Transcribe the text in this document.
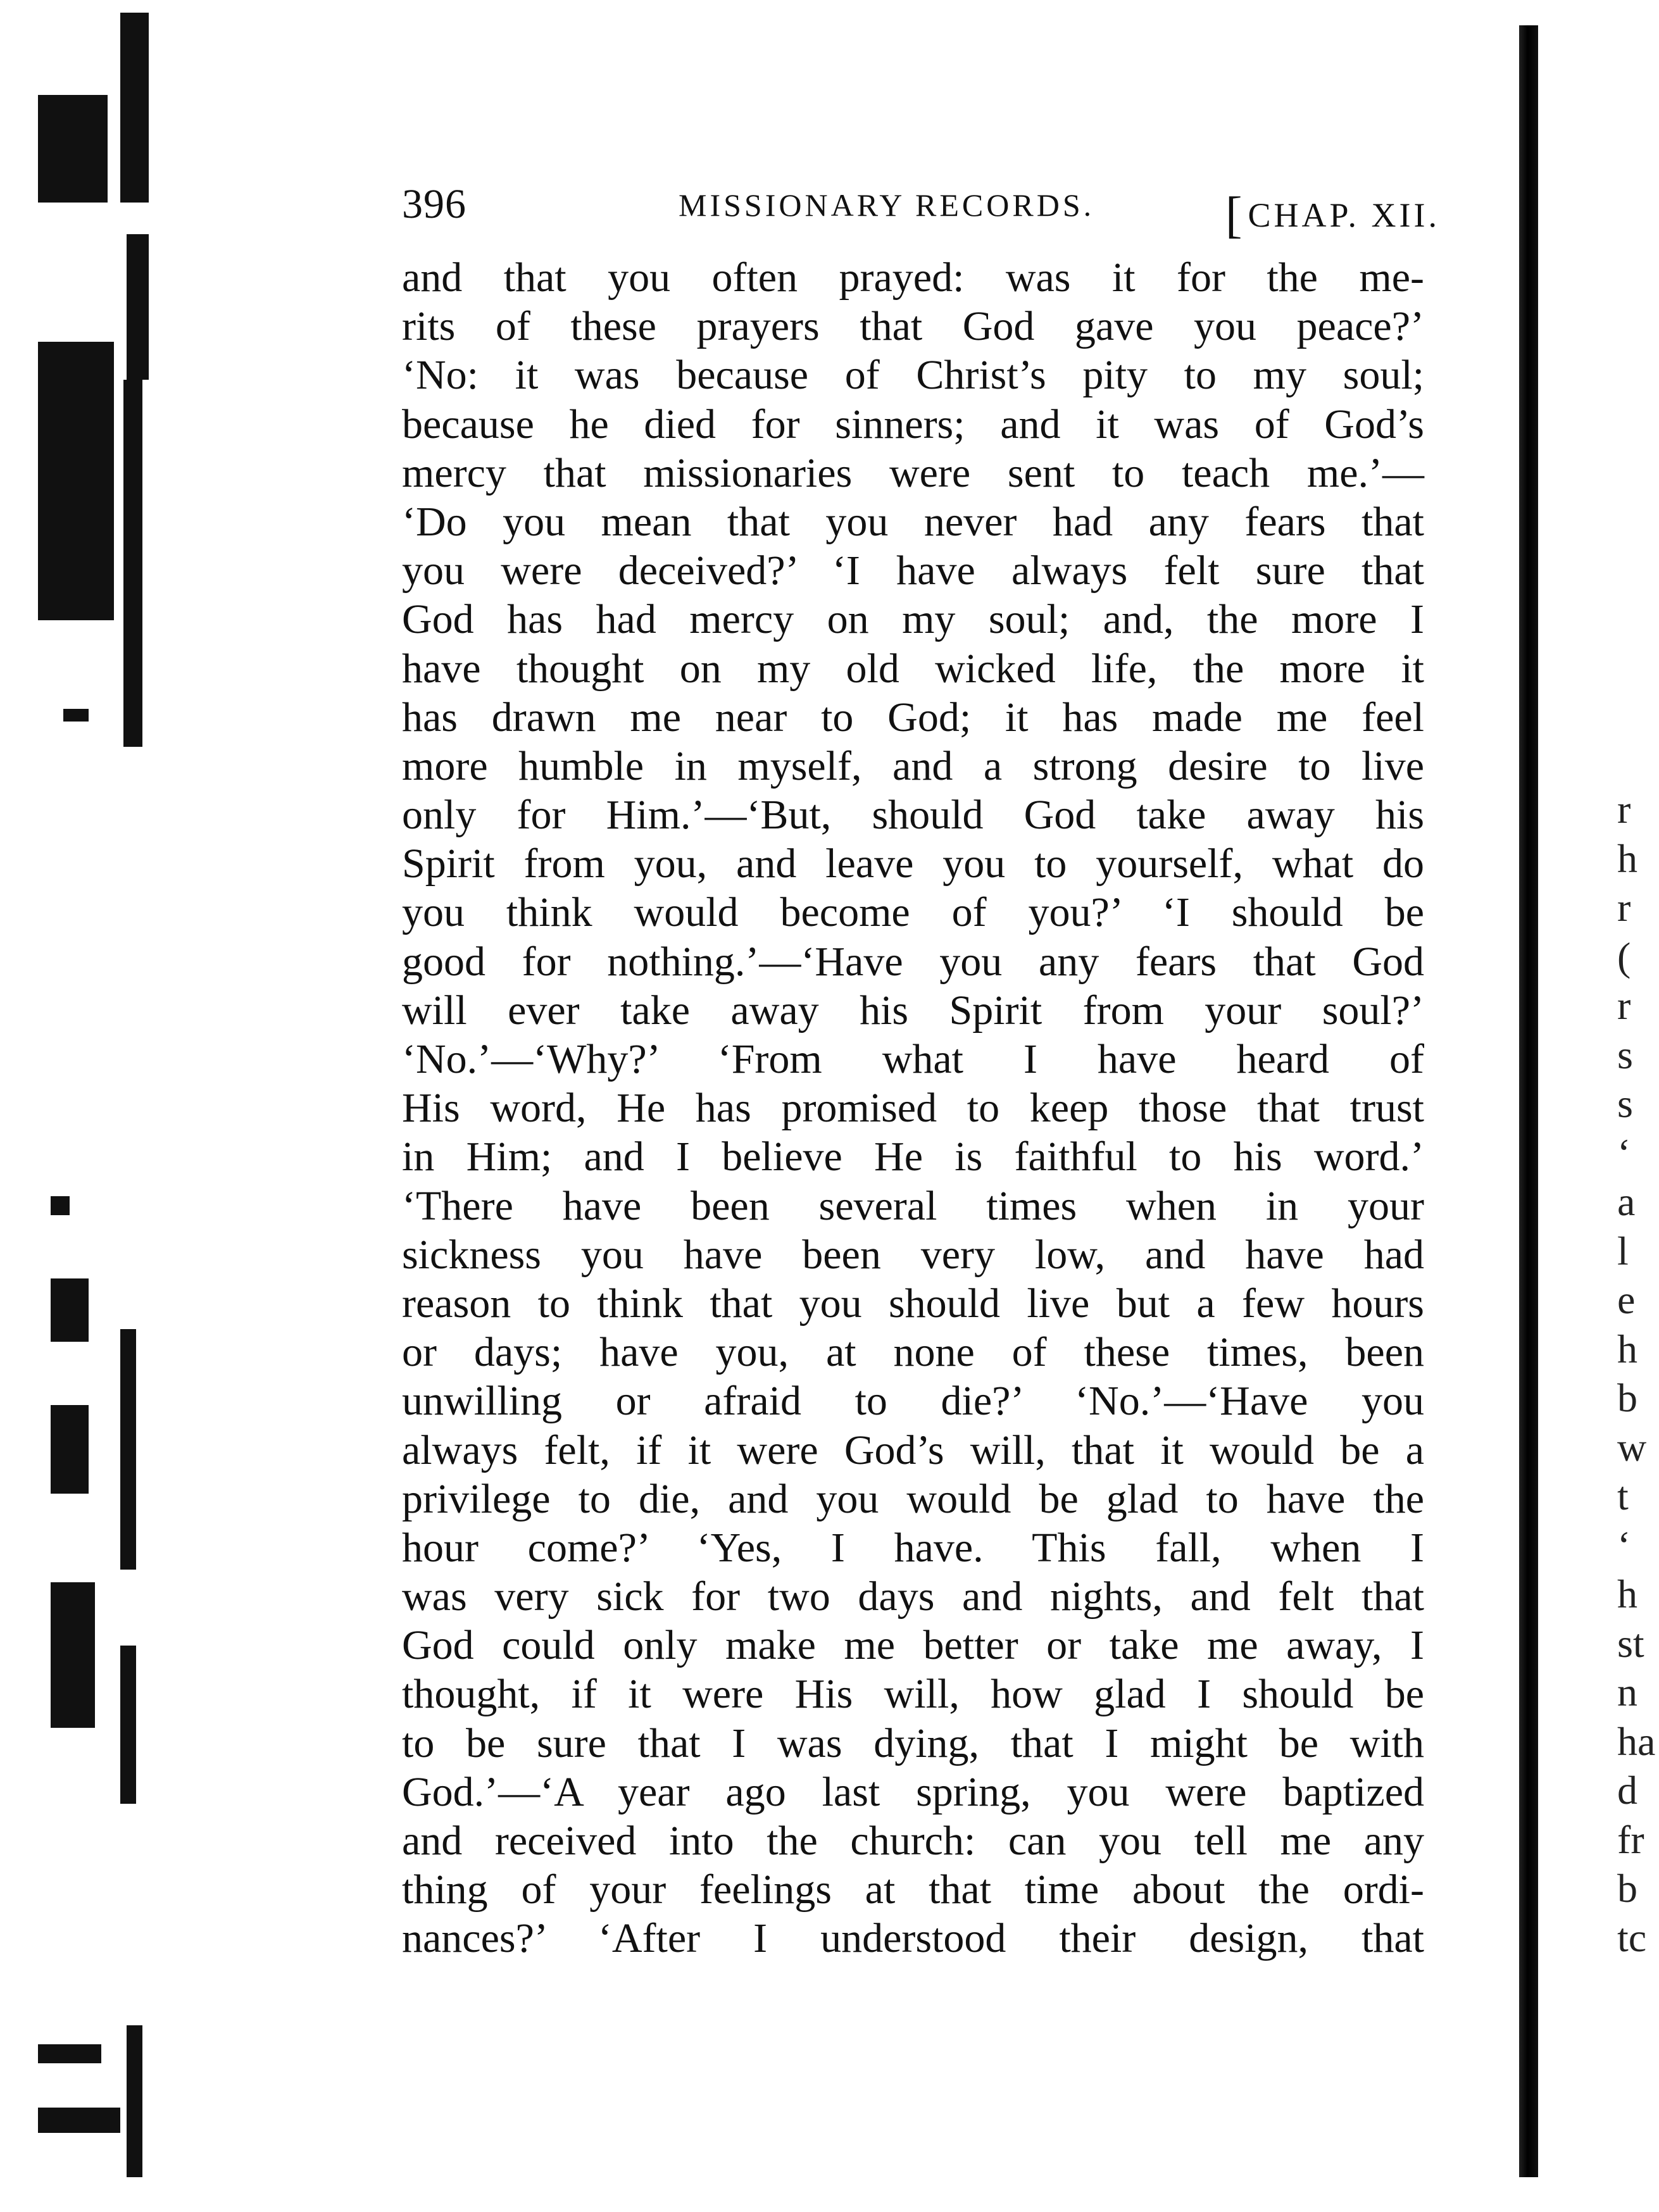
396	MISSIONARY RECORDS.	[CHAP. XII.
and that you often prayed: was it for the me-
rits of these prayers that God gave you peace?’
‘No: it was because of Christ’s pity to my soul;
because he died for sinners; and it was of God’s
mercy that missionaries were sent to teach me.’—
‘Do you mean that you never had any fears that
you were deceived?’ ‘I have always felt sure that
God has had mercy on my soul; and, the more I
have thought on my old wicked life, the more it
has drawn me near to God; it has made me feel
more humble in myself, and a strong desire to live
only for Him.’—‘But, should God take away his
Spirit from you, and leave you to yourself, what do
you think would become of you?’ ‘I should be
good for nothing.’—‘Have you any fears that God
will ever take away his Spirit from your soul?’
‘No.’—‘Why?’ ‘From what I have heard of
His word, He has promised to keep those that trust
in Him; and I believe He is faithful to his word.’
‘There have been several times when in your
sickness you have been very low, and have had
reason to think that you should live but a few hours
or days; have you, at none of these times, been
unwilling or afraid to die?’ ‘No.’—‘Have you
always felt, if it were God’s will, that it would be a
privilege to die, and you would be glad to have the
hour come?’ ‘Yes, I have. This fall, when I
was very sick for two days and nights, and felt that
God could only make me better or take me away, I
thought, if it were His will, how glad I should be
to be sure that I was dying, that I might be with
God.’—‘A year ago last spring, you were baptized
and received into the church: can you tell me any
thing of your feelings at that time about the ordi-
nances?’ ‘After I understood their design, that
r
h
r
(
r
s
s
‘
a
l
e
h
b
w
t
‘
h
st
n
ha
d
fr
b
tc
